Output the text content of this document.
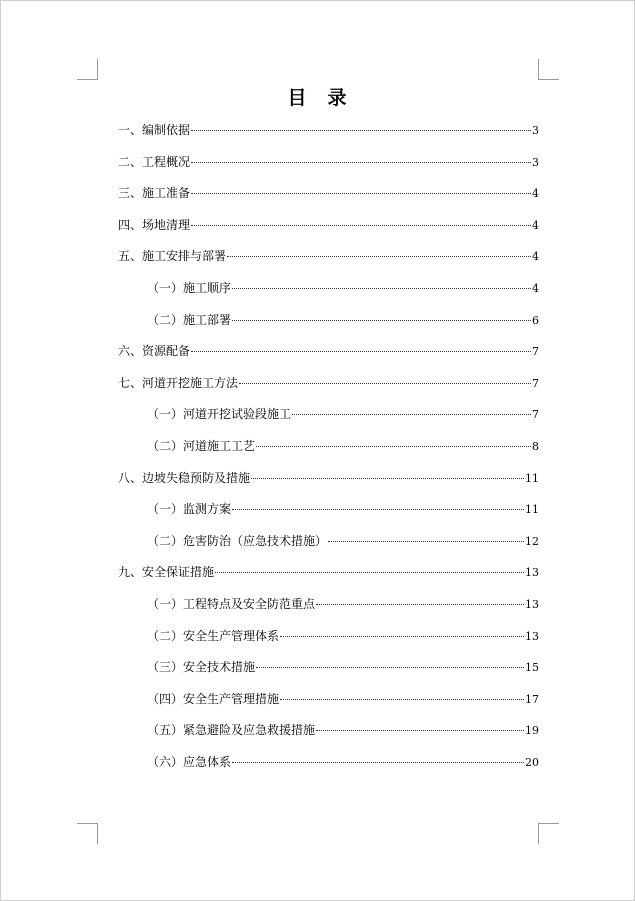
目　录
一、编制依据	3
二、工程概况	3
三、施工准备	4
四、场地清理	4
五、施工安排与部署	4
（一）施工顺序	4
（二）施工部署	6
六、资源配备	7
七、河道开挖施工方法	7
（一）河道开挖试验段施工	7
（二）河道施工工艺	8
八、边坡失稳预防及措施	11
（一）监测方案	11
（二）危害防治（应急技术措施）	12
九、安全保证措施	13
（一）工程特点及安全防范重点	13
（二）安全生产管理体系	13
（三）安全技术措施	15
（四）安全生产管理措施	17
（五）紧急避险及应急救援措施	19
（六）应急体系	20
